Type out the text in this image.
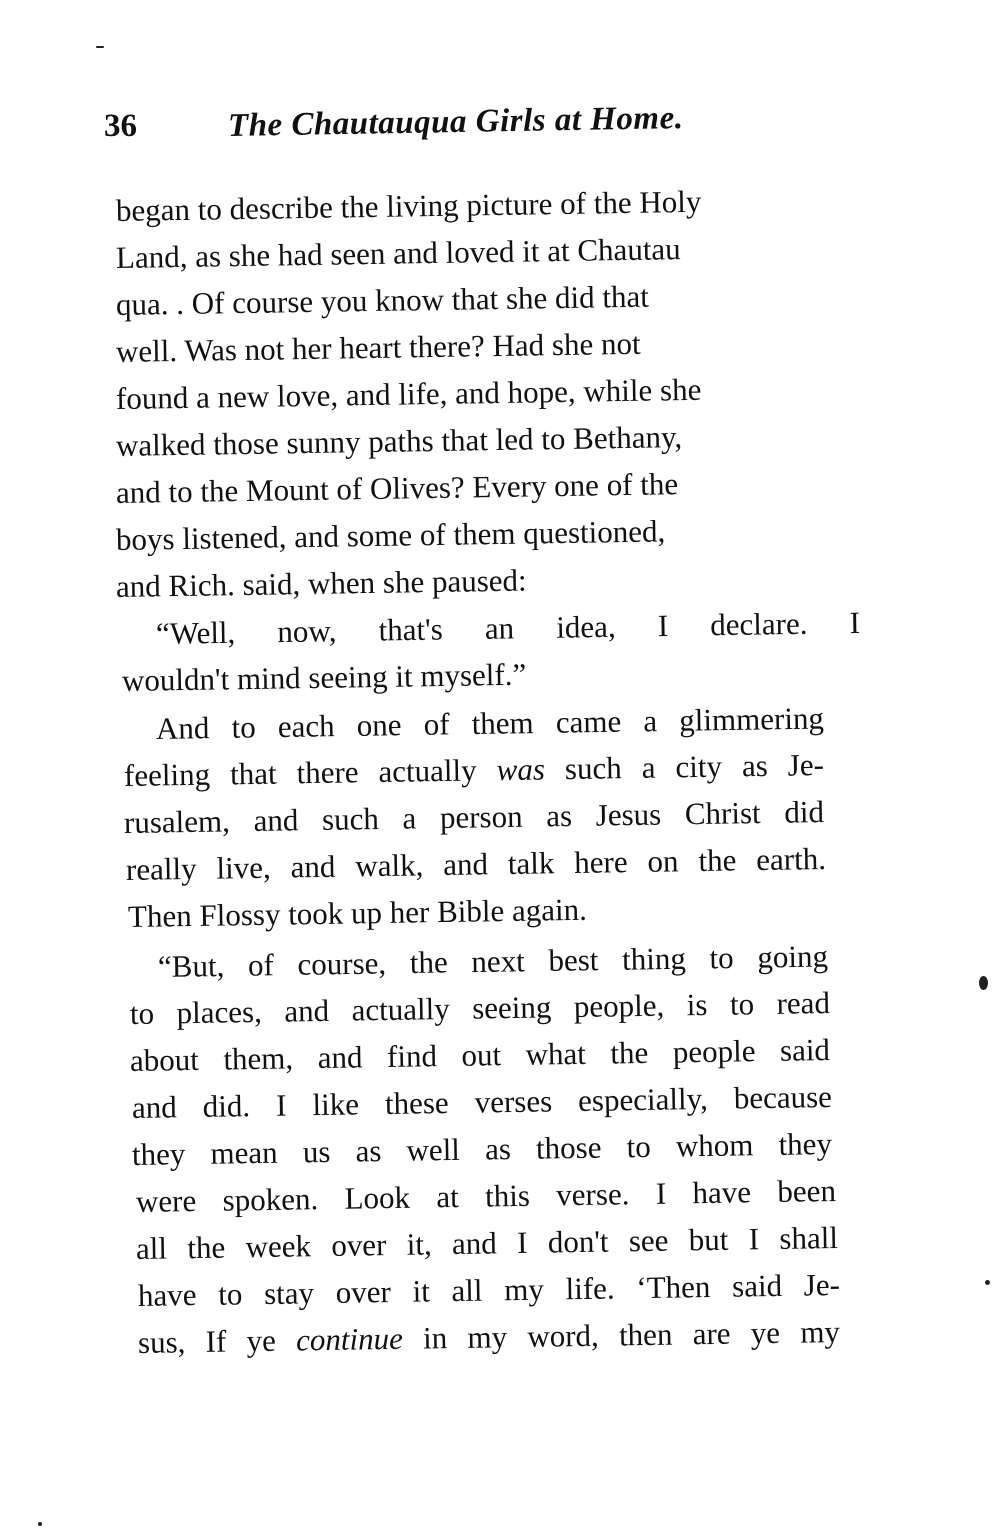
36	The Chautauqua Girls at Home.
began to describe the living picture of the Holy
Land, as she had seen and loved it at Chautau
qua. . Of course you know that she did that
well. Was not her heart there? Had she not
found a new love, and life, and hope, while she
walked those sunny paths that led to Bethany,
and to the Mount of Olives? Every one of the
boys listened, and some of them questioned,
and Rich. said, when she paused:
“Well, now, that's an idea, I declare. I
wouldn't mind seeing it myself.”
And to each one of them came a glimmering
feeling that there actually was such a city as Je-
rusalem, and such a person as Jesus Christ did
really live, and walk, and talk here on the earth.
Then Flossy took up her Bible again.
“But, of course, the next best thing to going
to places, and actually seeing people, is to read
about them, and find out what the people said
and did. I like these verses especially, because
they mean us as well as those to whom they
were spoken. Look at this verse. I have been
all the week over it, and I don't see but I shall
have to stay over it all my life. ‘Then said Je-
sus, If ye continue in my word, then are ye my
